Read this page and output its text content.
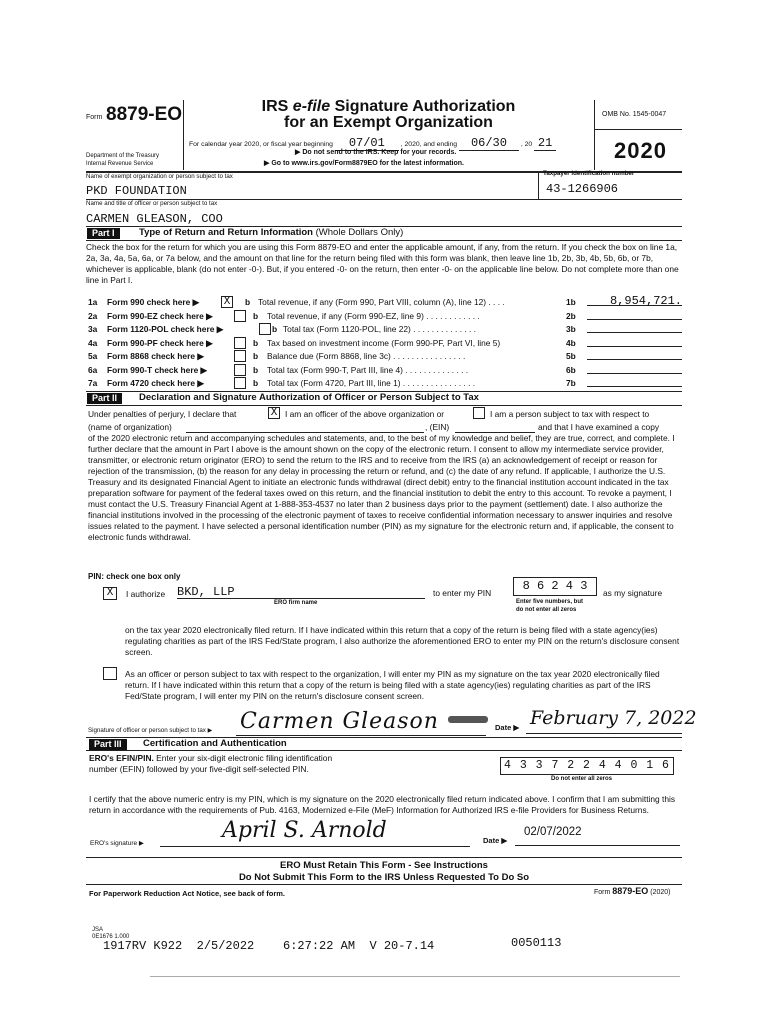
Form 8879-EO
Department of the Treasury
Internal Revenue Service
IRS e-file Signature Authorization
for an Exempt Organization
For calendar year 2020, or fiscal year beginning 07/01 , 2020, and ending 06/30 , 20 21
▶ Do not send to the IRS. Keep for your records.
▶ Go to www.irs.gov/Form8879EO for the latest information.
OMB No. 1545-0047
2020
Name of exempt organization or person subject to tax
PKD FOUNDATION
Taxpayer identification number
43-1266906
Name and title of officer or person subject to tax
CARMEN GLEASON, COO
Part I	Type of Return and Return Information (Whole Dollars Only)
Check the box for the return for which you are using this Form 8879-EO and enter the applicable amount, if any, from the return. If you check the box on line 1a, 2a, 3a, 4a, 5a, 6a, or 7a below, and the amount on that line for the return being filed with this form was blank, then leave line 1b, 2b, 3b, 4b, 5b, 6b, or 7b, whichever is applicable, blank (do not enter -0-). But, if you entered -0- on the return, then enter -0- on the applicable line below. Do not complete more than one line in Part I.
1a Form 990 check here ▶ X	b Total revenue, if any (Form 990, Part VIII, column (A), line 12) . . . .	1b	8,954,721.
2a Form 990-EZ check here ▶	b Total revenue, if any (Form 990-EZ, line 9) . . . . . . . . . . . .	2b
3a Form 1120-POL check here ▶	b Total tax (Form 1120-POL, line 22) . . . . . . . . . . . . . .	3b
4a Form 990-PF check here ▶	b Tax based on investment income (Form 990-PF, Part VI, line 5)	4b
5a Form 8868 check here ▶	b Balance due (Form 8868, line 3c) . . . . . . . . . . . . . . . .	5b
6a Form 990-T check here ▶	b Total tax (Form 990-T, Part III, line 4) . . . . . . . . . . . . . .	6b
7a Form 4720 check here ▶	b Total tax (Form 4720, Part III, line 1) . . . . . . . . . . . . . . . .	7b
Part II	Declaration and Signature Authorization of Officer or Person Subject to Tax
Under penalties of perjury, I declare that	X I am an officer of the above organization or	I am a person subject to tax with respect to
(name of organization)	, (EIN)	and that I have examined a copy
of the 2020 electronic return and accompanying schedules and statements, and, to the best of my knowledge and belief, they are true, correct, and complete. I further declare that the amount in Part I above is the amount shown on the copy of the electronic return. I consent to allow my intermediate service provider, transmitter, or electronic return originator (ERO) to send the return to the IRS and to receive from the IRS (a) an acknowledgement of receipt or reason for rejection of the transmission, (b) the reason for any delay in processing the return or refund, and (c) the date of any refund. If applicable, I authorize the U.S. Treasury and its designated Financial Agent to initiate an electronic funds withdrawal (direct debit) entry to the financial institution account indicated in the tax preparation software for payment of the federal taxes owed on this return, and the financial institution to debit the entry to this account. To revoke a payment, I must contact the U.S. Treasury Financial Agent at 1-888-353-4537 no later than 2 business days prior to the payment (settlement) date. I also authorize the financial institutions involved in the processing of the electronic payment of taxes to receive confidential information necessary to answer inquiries and resolve issues related to the payment. I have selected a personal identification number (PIN) as my signature for the electronic return and, if applicable, the consent to electronic funds withdrawal.
PIN: check one box only
X	I authorize BKD, LLP
ERO firm name
to enter my PIN	8 6 2 4 3	as my signature
Enter five numbers, but
do not enter all zeros
on the tax year 2020 electronically filed return. If I have indicated within this return that a copy of the return is being filed with a state agency(ies) regulating charities as part of the IRS Fed/State program, I also authorize the aforementioned ERO to enter my PIN on the return's disclosure consent screen.
As an officer or person subject to tax with respect to the organization, I will enter my PIN as my signature on the tax year 2020 electronically filed return. If I have indicated within this return that a copy of the return is being filed with a state agency(ies) regulating charities as part of the IRS Fed/State program, I will enter my PIN on the return's disclosure consent screen.
Signature of officer or person subject to tax ▶ Carmen Gleason	Date ▶ February 7, 2022
Part III	Certification and Authentication
ERO's EFIN/PIN. Enter your six-digit electronic filing identification
number (EFIN) followed by your five-digit self-selected PIN.	4 3 3 7 2 2 4 4 0 1 6
Do not enter all zeros
I certify that the above numeric entry is my PIN, which is my signature on the 2020 electronically filed return indicated above. I confirm that I am submitting this return in accordance with the requirements of Pub. 4163, Modernized e-File (MeF) Information for Authorized IRS e-file Providers for Business Returns.
ERO's signature ▶
April S. Arnold	Date ▶
02/07/2022
ERO Must Retain This Form - See Instructions
Do Not Submit This Form to the IRS Unless Requested To Do So
For Paperwork Reduction Act Notice, see back of form.	Form 8879-EO (2020)
JSA
0E1676 1.000
1917RV K922  2/5/2022    6:27:22 AM  V 20-7.14	0050113
